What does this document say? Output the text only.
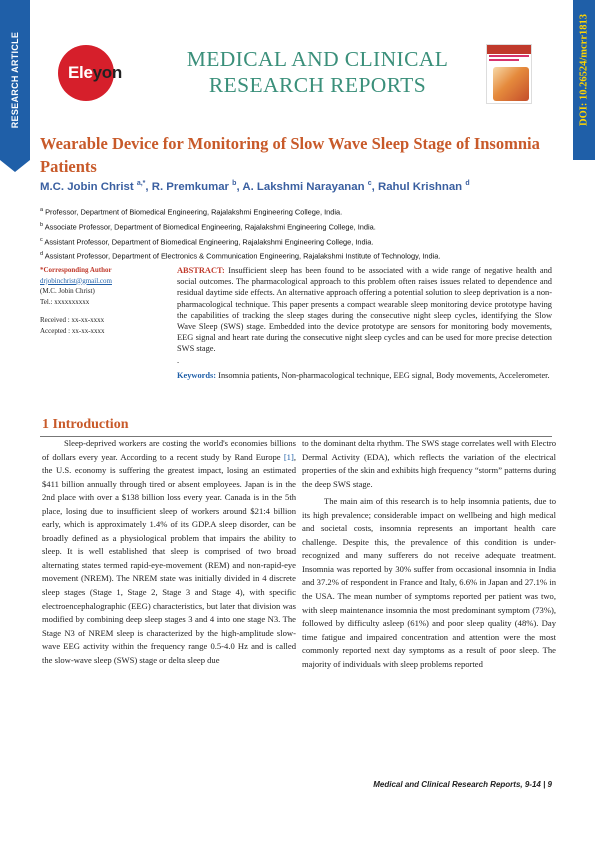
RESEARCH ARTICLE	DOI: 10.26524/mcrr1813
Eleyon
MEDICAL AND CLINICAL
RESEARCH REPORTS
Wearable Device for Monitoring of Slow Wave Sleep Stage of Insomnia Patients
M.C. Jobin Christ $^{a,*}$, R. Premkumar $^b$, A. Lakshmi Narayanan $^c$, Rahul Krishnan $^d$
$^a$ Professor, Department of Biomedical Engineering, Rajalakshmi Engineering College, India.
$^b$ Associate Professor, Department of Biomedical Engineering, Rajalakshmi Engineering College, India.
$^c$ Assistant Professor, Department of Biomedical Engineering, Rajalakshmi Engineering College, India.
$^d$ Assistant Professor, Department of Electronics & Communication Engineering, Rajalakshmi Institute of Technology, India.
*Corresponding Author
drjobinchrist@gmail.com
(M.C. Jobin Christ)
Tel.: xxxxxxxxxx
Received : xx-xx-xxxx
Accepted : xx-xx-xxxx

ABSTRACT: Insufficient sleep has been found to be associated with a wide range of negative health and social outcomes. The pharmacological approach to this problem often raises issues related to dependence and residual daytime side effects. An alternative approach offering a potential solution to sleep deprivation is a non-pharmacological technique. This paper presents a compact wearable sleep monitoring device prototype having the capabilities of tracking the sleep stages during the consecutive night sleep cycles, identifying the Slow Wave Sleep (SWS) stage. Embedded into the device prototype are sensors for monitoring body movements, EEG signal and heart rate during the consecutive night sleep cycles and can be used for more precise detection SWS stage.

.

Keywords: Insomnia patients, Non-pharmacological technique, EEG signal, Body movements, Accelerometer.

1 Introduction

Sleep-deprived workers are costing the world's economies billions of dollars every year. According to a recent study by Rand Europe [1], the U.S. economy is suffering the greatest impact, losing an estimated $411 billion annually through tired or absent employees. Japan is in the 2nd place with over a $138 billion loss every year. Canada is in the 5th place, losing due to insufficient sleep of workers around $21:4 billion early, which is approximately 1.4% of its GDP.A sleep disorder, can be broadly defined as a physiological problem that impairs the ability to sleep. It is well established that sleep is comprised of two broad alternating states termed rapid-eye-movement (REM) and non-rapid-eye movement (NREM). The NREM state was initially divided in 4 discrete sleep stages (Stage 1, Stage 2, Stage 3 and Stage 4), with specific electroencephalographic (EEG) characteristics, but later that division was modified by combining deep sleep stages 3 and 4 into one stage N3. The Stage N3 of NREM sleep is characterized by the high-amplitude slow-wave EEG activity within the frequency range 0.5-4.0 Hz and is called the slow-wave sleep (SWS) stage or delta sleep due

to the dominant delta rhythm. The SWS stage correlates well with Electro Dermal Activity (EDA), which reflects the variation of the electrical properties of the skin and exhibits high frequency “storm” patterns during the deep SWS stage.

The main aim of this research is to help insomnia patients, due to its high prevalence; considerable impact on wellbeing and high medical and societal costs, insomnia represents an important health care challenge. Despite this, the prevalence of this condition is under-recognized and many sufferers do not receive adequate treatment. Insomnia was reported by 30% suffer from occasional insomnia in India and 37.2% of respondent in France and Italy, 6.6% in Japan and 27.1% in the USA. The mean number of symptoms reported per patient was two, with sleep maintenance insomnia the most predominant symptom (73%), followed by difficulty asleep (61%) and poor sleep quality (48%). Day time fatigue and impaired concentration and attention were the most commonly reported next day symptoms as a result of poor sleep. The majority of individuals with sleep problems reported

Medical and Clinical Research Reports, 9-14 | 9
